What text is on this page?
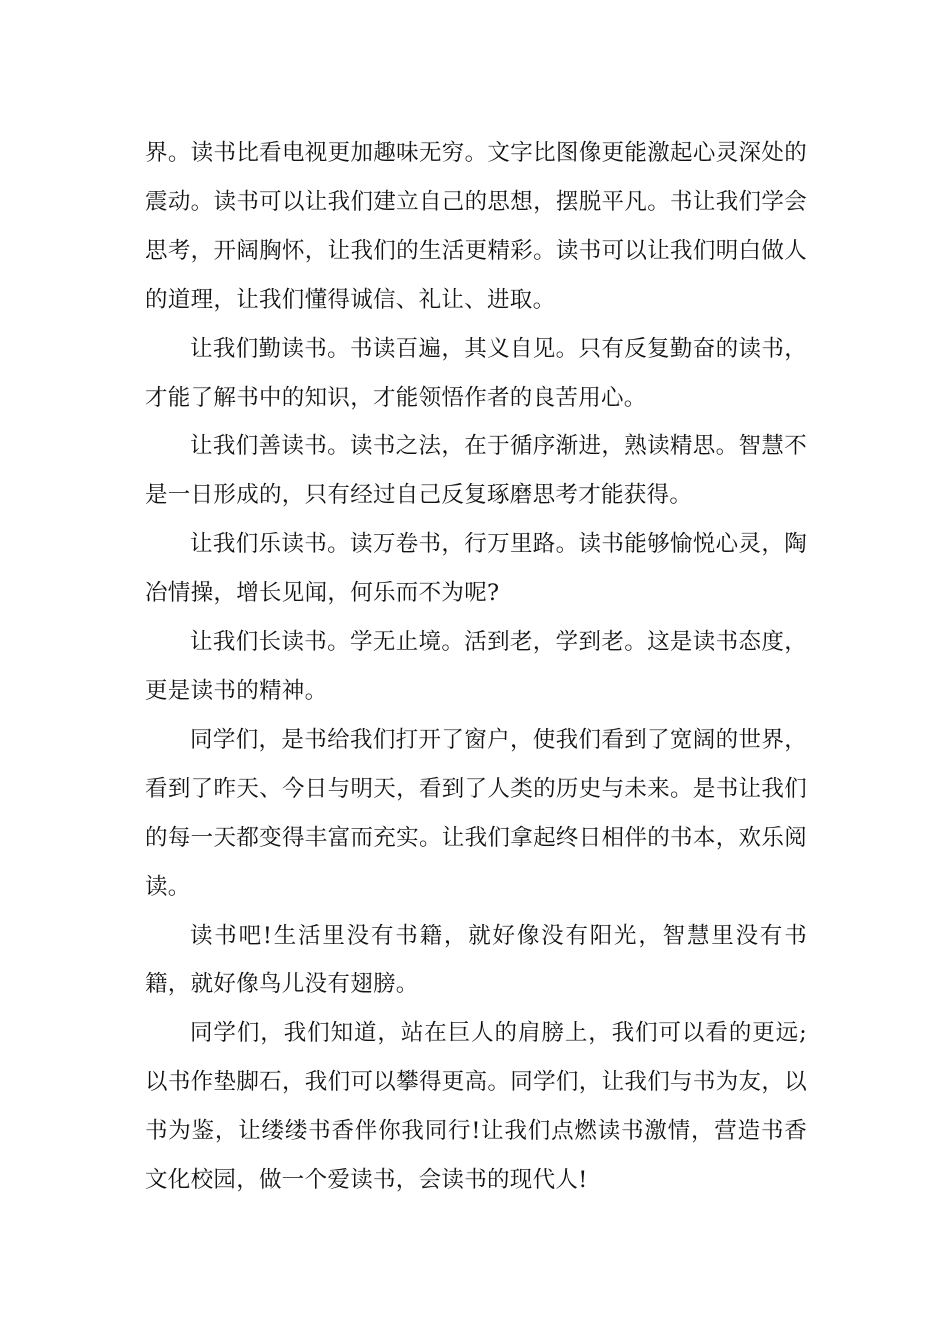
界。读书比看电视更加趣味无穷。文字比图像更能激起心灵深处的震动。读书可以让我们建立自己的思想，摆脱平凡。书让我们学会思考，开阔胸怀，让我们的生活更精彩。读书可以让我们明白做人的道理，让我们懂得诚信、礼让、进取。

让我们勤读书。书读百遍，其义自见。只有反复勤奋的读书，才能了解书中的知识，才能领悟作者的良苦用心。

让我们善读书。读书之法，在于循序渐进，熟读精思。智慧不是一日形成的，只有经过自己反复琢磨思考才能获得。

让我们乐读书。读万卷书，行万里路。读书能够愉悦心灵，陶冶情操，增长见闻，何乐而不为呢?

让我们长读书。学无止境。活到老，学到老。这是读书态度，更是读书的精神。

同学们，是书给我们打开了窗户，使我们看到了宽阔的世界，看到了昨天、今日与明天，看到了人类的历史与未来。是书让我们的每一天都变得丰富而充实。让我们拿起终日相伴的书本，欢乐阅读。

读书吧!生活里没有书籍，就好像没有阳光，智慧里没有书籍，就好像鸟儿没有翅膀。

同学们，我们知道，站在巨人的肩膀上，我们可以看的更远;以书作垫脚石，我们可以攀得更高。同学们，让我们与书为友，以书为鉴，让缕缕书香伴你我同行!让我们点燃读书激情，营造书香文化校园，做一个爱读书，会读书的现代人!
